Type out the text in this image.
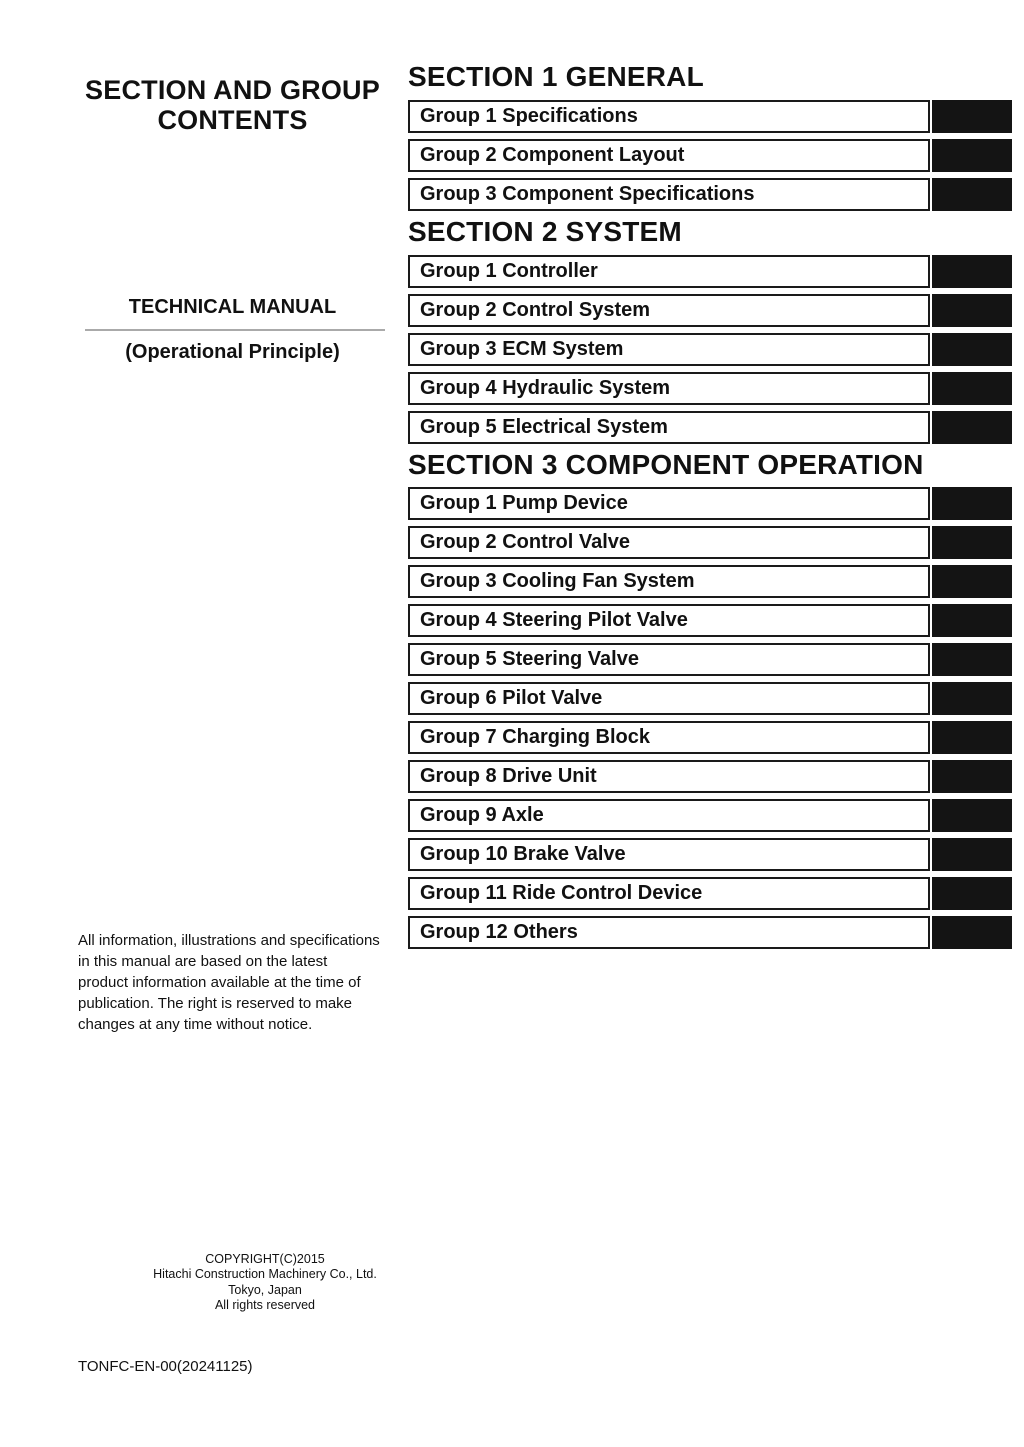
SECTION AND GROUP
CONTENTS
TECHNICAL MANUAL
(Operational Principle)
All information, illustrations and specifications in this manual are based on the latest product information available at the time of publication. The right is reserved to make changes at any time without notice.
COPYRIGHT(C)2015
Hitachi Construction Machinery Co., Ltd.
Tokyo, Japan
All rights reserved
TONFC-EN-00(20241125)
SECTION 1 GENERAL
Group 1 Specifications
Group 2 Component Layout
Group 3 Component Specifications
SECTION 2 SYSTEM
Group 1 Controller
Group 2 Control System
Group 3 ECM System
Group 4 Hydraulic System
Group 5 Electrical System
SECTION 3 COMPONENT OPERATION
Group 1 Pump Device
Group 2 Control Valve
Group 3 Cooling Fan System
Group 4 Steering Pilot Valve
Group 5 Steering Valve
Group 6 Pilot Valve
Group 7 Charging Block
Group 8 Drive Unit
Group 9 Axle
Group 10 Brake Valve
Group 11 Ride Control Device
Group 12 Others
